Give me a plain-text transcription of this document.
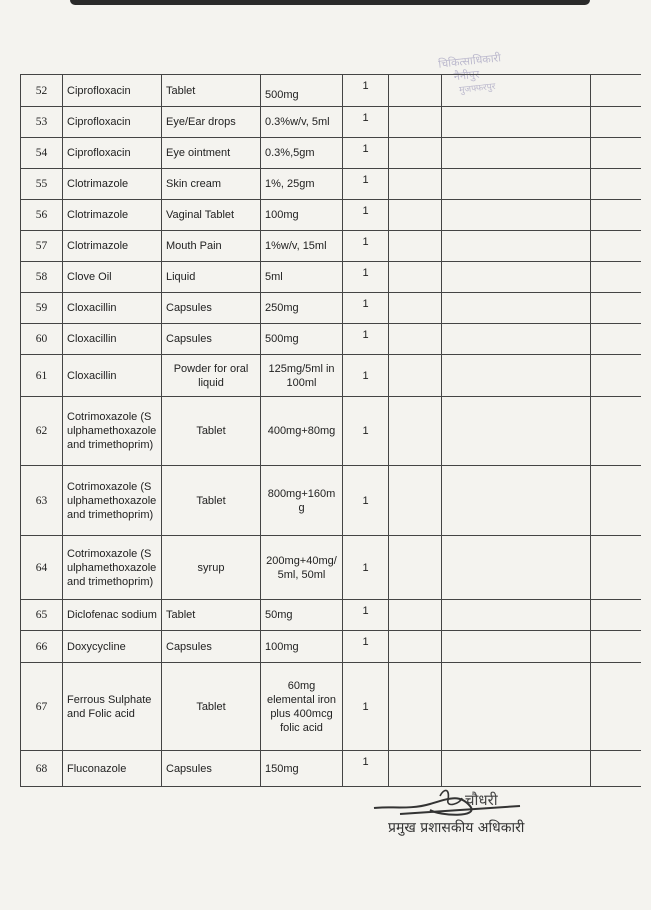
चिकित्साधिकारी
नैनीपुर
मुजफ्फरपुर
52	Ciprofloxacin	Tablet	500mg	1			
53	Ciprofloxacin	Eye/Ear drops	0.3%w/v, 5ml	1			
54	Ciprofloxacin	Eye ointment	0.3%,5gm	1			
55	Clotrimazole	Skin cream	1%, 25gm	1			
56	Clotrimazole	Vaginal Tablet	100mg	1			
57	Clotrimazole	Mouth Pain	1%w/v, 15ml	1			
58	Clove Oil	Liquid	5ml	1			
59	Cloxacillin	Capsules	250mg	1			
60	Cloxacillin	Capsules	500mg	1			
61	Cloxacillin	Powder for oral liquid	125mg/5ml in 100ml	1			
62	Cotrimoxazole (Sulphamethoxazole and trimethoprim)	Tablet	400mg+80mg	1			
63	Cotrimoxazole (Sulphamethoxazole and trimethoprim)	Tablet	800mg+160mg	1			
64	Cotrimoxazole (Sulphamethoxazole and trimethoprim)	syrup	200mg+40mg/5ml, 50ml	1			
65	Diclofenac sodium	Tablet	50mg	1			
66	Doxycycline	Capsules	100mg	1			
67	Ferrous Sulphate and Folic acid	Tablet	60mg elemental iron plus 400mcg folic acid	1			
68	Fluconazole	Capsules	150mg	1			
चौधरी
प्रमुख प्रशासकीय अधिकारी
